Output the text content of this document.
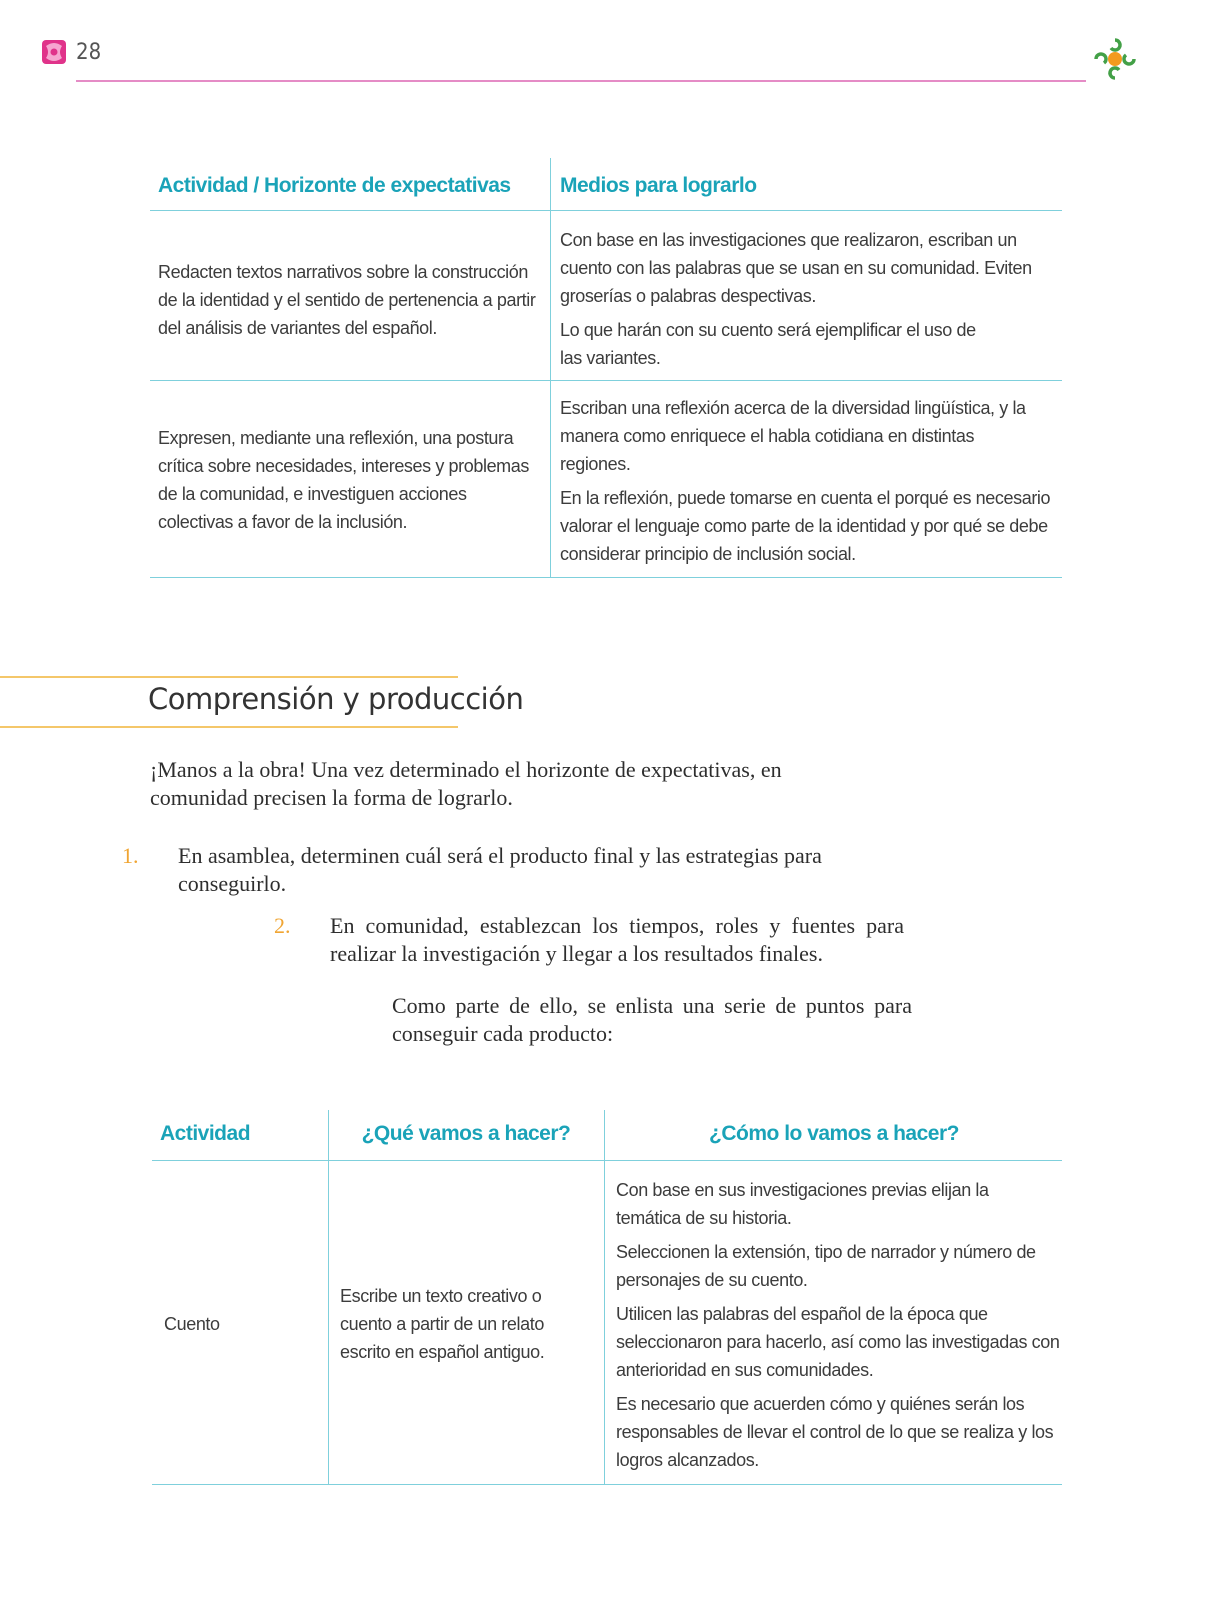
28
Actividad / Horizonte de expectativas Medios para lograrlo
Redacten textos narrativos sobre la construcción de la identidad y el sentido de pertenencia a partir del análisis de variantes del español.

Con base en las investigaciones que realizaron, escriban un cuento con las palabras que se usan en su comunidad. Eviten groserías o palabras despectivas.

Lo que harán con su cuento será ejemplificar el uso de las variantes.

Expresen, mediante una reflexión, una postura crítica sobre necesidades, intereses y problemas de la comunidad, e investiguen acciones colectivas a favor de la inclusión.

Escriban una reflexión acerca de la diversidad lingüística, y la manera como enriquece el habla cotidiana en distintas regiones.

En la reflexión, puede tomarse en cuenta el porqué es necesario valorar el lenguaje como parte de la identidad y por qué se debe considerar principio de inclusión social.

Comprensión y producción
¡Manos a la obra! Una vez determinado el horizonte de expectativas, en comunidad precisen la forma de lograrlo.
1. En asamblea, determinen cuál será el producto final y las estrategias para conseguirlo.
2. En comunidad, establezcan los tiempos, roles y fuentes para realizar la investigación y llegar a los resultados finales.
Como parte de ello, se enlista una serie de puntos para conseguir cada producto:
Actividad	¿Qué vamos a hacer?	¿Cómo lo vamos a hacer?
Cuento
Escribe un texto creativo o cuento a partir de un relato escrito en español antiguo.

Con base en sus investigaciones previas elijan la temática de su historia.

Seleccionen la extensión, tipo de narrador y número de personajes de su cuento.

Utilicen las palabras del español de la época que seleccionaron para hacerlo, así como las investigadas con anterioridad en sus comunidades.

Es necesario que acuerden cómo y quiénes serán los responsables de llevar el control de lo que se realiza y los logros alcanzados.
